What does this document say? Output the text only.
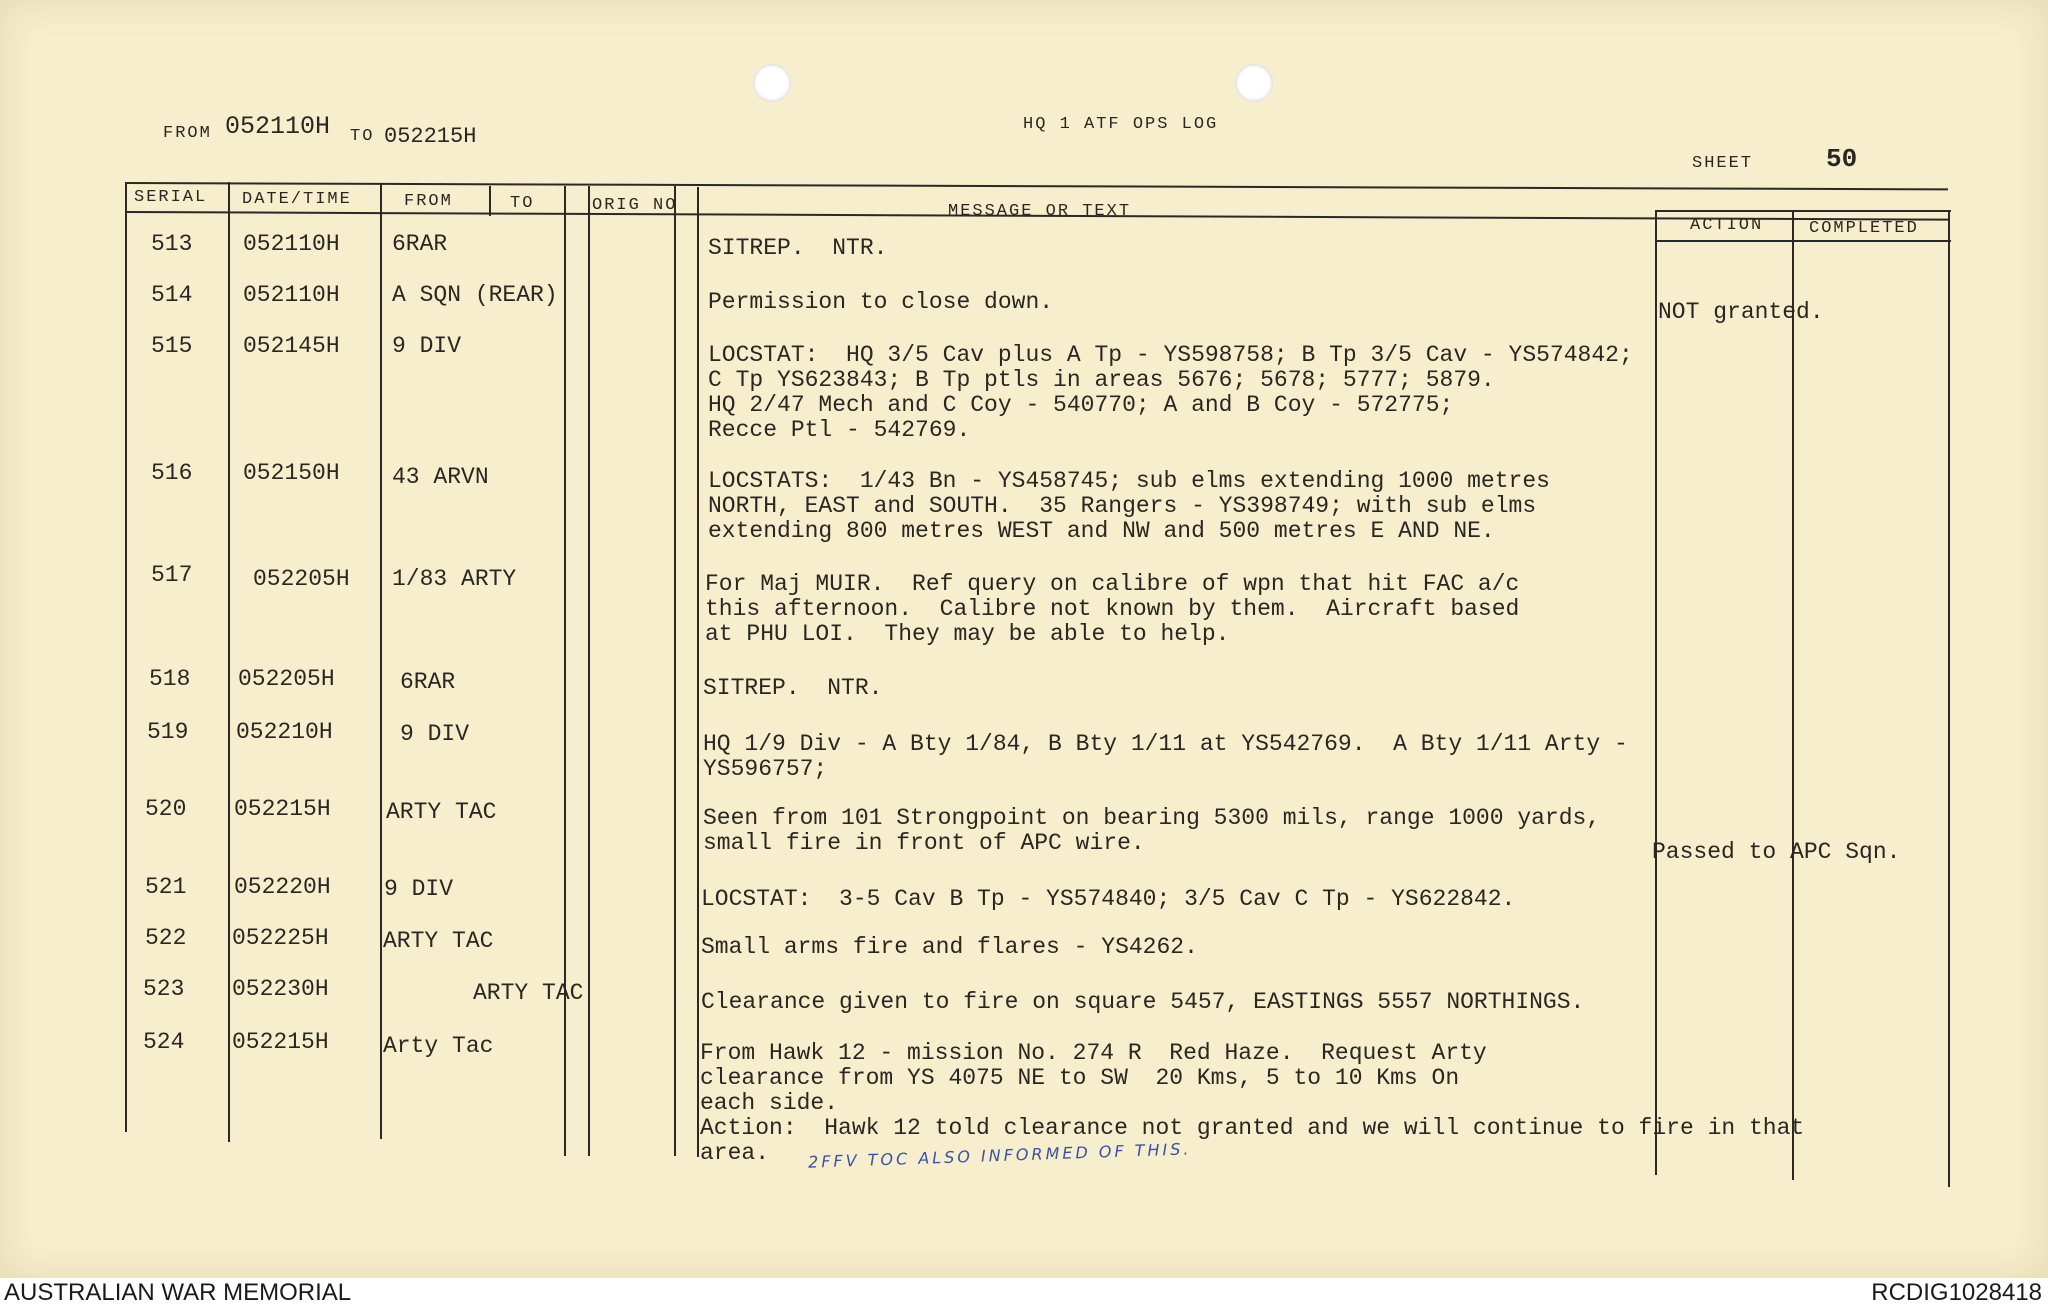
FROM 052110H TO 052215H	HQ 1 ATF OPS LOG
SHEET	50
SERIAL DATE/TIME	FROM	TO	ORIG NO	MESSAGE OR TEXT
ACTION	COMPLETED
513 052110H 6RAR	SITREP.  NTR.
514 052110H A SQN (REAR)	Permission to close down.	NOT granted.
515 052145H 9 DIV	LOCSTAT:  HQ 3/5 Cav plus A Tp - YS598758; B Tp 3/5 Cav - YS574842;
C Tp YS623843; B Tp ptls in areas 5676; 5678; 5777; 5879.
HQ 2/47 Mech and C Coy - 540770; A and B Coy - 572775;
Recce Ptl - 542769.
516 052150H 43 ARVN	LOCSTATS:  1/43 Bn - YS458745; sub elms extending 1000 metres
NORTH, EAST and SOUTH.  35 Rangers - YS398749; with sub elms
extending 800 metres WEST and NW and 500 metres E AND NE.
517	052205H 1/83 ARTY	For Maj MUIR.  Ref query on calibre of wpn that hit FAC a/c
this afternoon.  Calibre not known by them.  Aircraft based
at PHU LOI.  They may be able to help.
518 052205H	6RAR	SITREP.  NTR.
519 052210H	9 DIV	HQ 1/9 Div - A Bty 1/84, B Bty 1/11 at YS542769.  A Bty 1/11 Arty -
YS596757;
520 052215H ARTY TAC	Seen from 101 Strongpoint on bearing 5300 mils, range 1000 yards,
small fire in front of APC wire.	Passed to APC Sqn.
521 052220H 9 DIV	LOCSTAT:  3-5 Cav B Tp - YS574840; 3/5 Cav C Tp - YS622842.
522 052225H ARTY TAC	Small arms fire and flares - YS4262.
523 052230H	ARTY TAC	Clearance given to fire on square 5457, EASTINGS 5557 NORTHINGS.
524 052215H Arty Tac	From Hawk 12 - mission No. 274 R  Red Haze.  Request Arty
clearance from YS 4075 NE to SW  20 Kms, 5 to 10 Kms On
each side.
Action:  Hawk 12 told clearance not granted and we will continue to fire in that
area.	2FFV TOC ALSO INFORMED OF THIS.
AUSTRALIAN WAR MEMORIAL	RCDIG1028418
